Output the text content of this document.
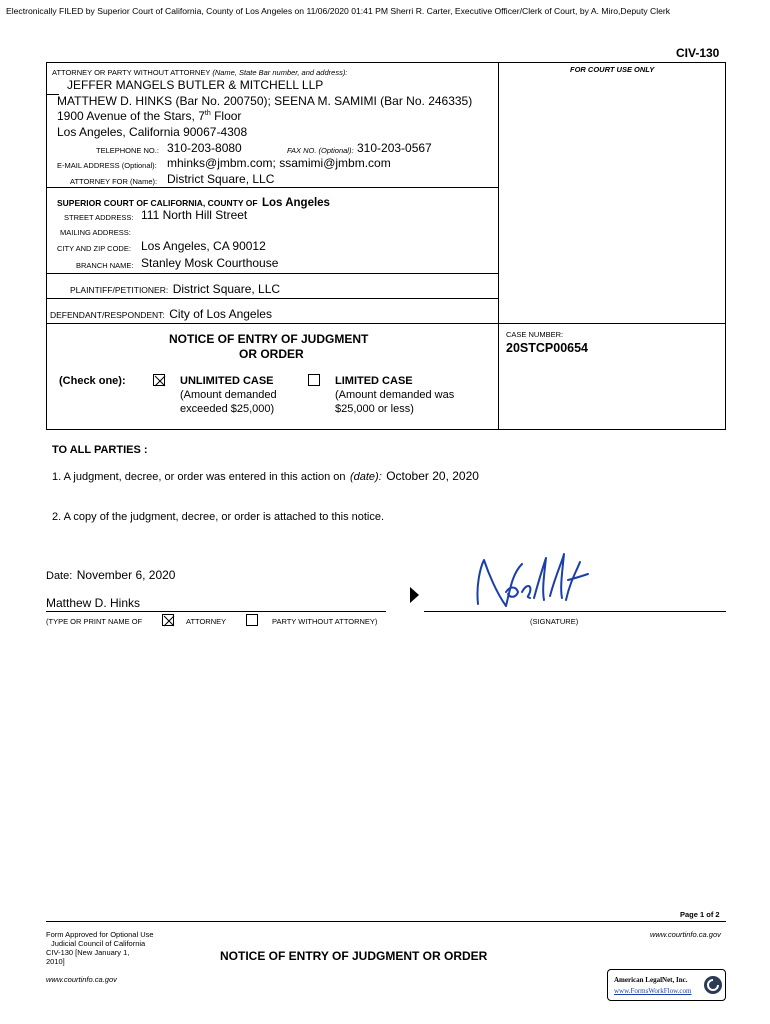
Electronically FILED by Superior Court of California, County of Los Angeles on 11/06/2020 01:41 PM Sherri R. Carter, Executive Officer/Clerk of Court, by A. Miro,Deputy Clerk
CIV-130
ATTORNEY OR PARTY WITHOUT ATTORNEY (Name, State Bar number, and address):
JEFFER MANGELS BUTLER & MITCHELL LLP
MATTHEW D. HINKS (Bar No. 200750); SEENA M. SAMIMI (Bar No. 246335)
1900 Avenue of the Stars, 7th Floor
Los Angeles, California 90067-4308
TELEPHONE NO.: 310-203-8080	FAX NO. (Optional): 310-203-0567
E-MAIL ADDRESS (Optional): mhinks@jmbm.com; ssamimi@jmbm.com
ATTORNEY FOR (Name): District Square, LLC
FOR COURT USE ONLY
SUPERIOR COURT OF CALIFORNIA, COUNTY OF Los Angeles
STREET ADDRESS: 111 North Hill Street
MAILING ADDRESS:
CITY AND ZIP CODE: Los Angeles, CA 90012
BRANCH NAME: Stanley Mosk Courthouse
PLAINTIFF/PETITIONER: District Square, LLC
DEFENDANT/RESPONDENT: City of Los Angeles
NOTICE OF ENTRY OF JUDGMENT
OR ORDER
CASE NUMBER:
20STCP00654
(Check one):	UNLIMITED CASE
(Amount demanded
exceeded $25,000)
LIMITED CASE
(Amount demanded was
$25,000 or less)
TO ALL PARTIES :
1. A judgment, decree, or order was entered in this action on (date): October 20, 2020
2. A copy of the judgment, decree, or order is attached to this notice.
Date: November 6, 2020
Matthew D. Hinks
(TYPE OR PRINT NAME OF	ATTORNEY	PARTY WITHOUT ATTORNEY)	(SIGNATURE)
Page 1 of 2
Form Approved for Optional Use
Judicial Council of California
CIV-130 [New January 1,
2010]
www.courtinfo.ca.gov
NOTICE OF ENTRY OF JUDGMENT OR ORDER
www.courtinfo.ca.gov
American LegalNet, Inc.
www.FormsWorkFlow.com
